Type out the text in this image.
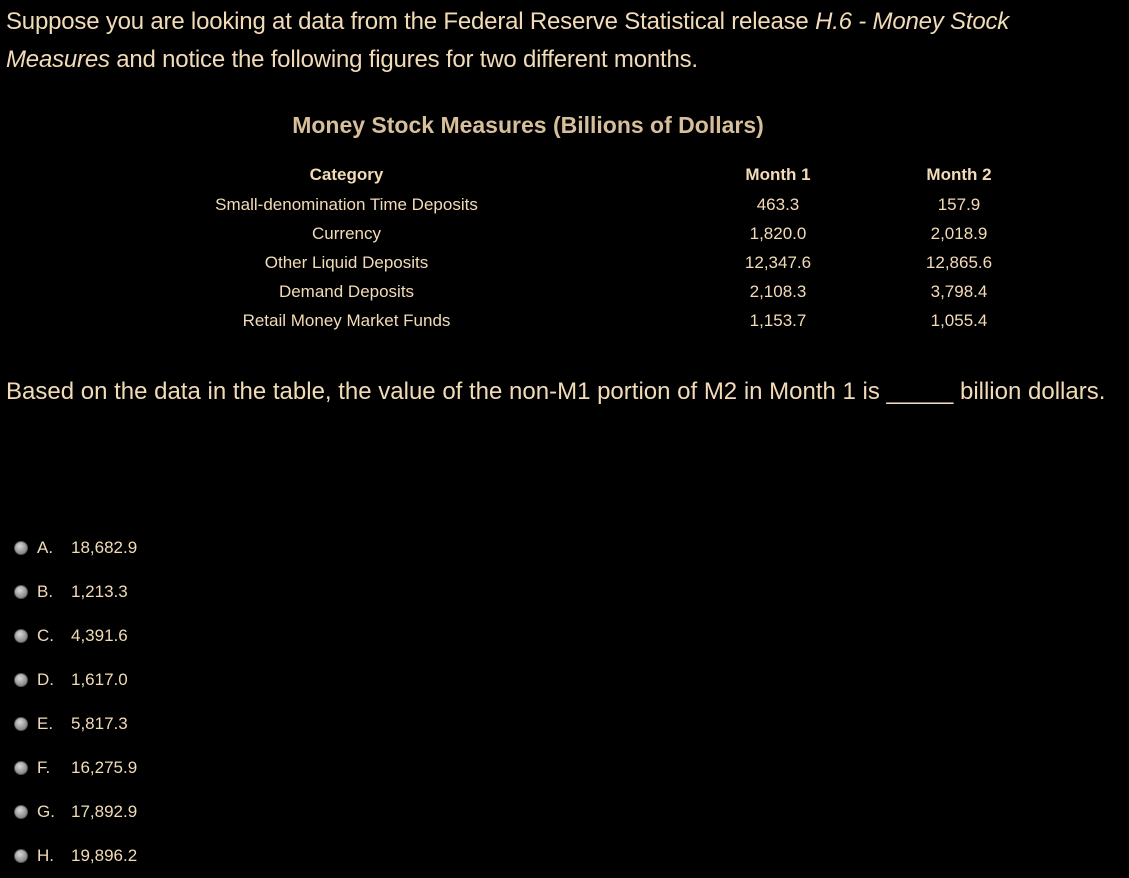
Suppose you are looking at data from the Federal Reserve Statistical release H.6 - Money Stock Measures and notice the following figures for two different months.
Money Stock Measures (Billions of Dollars)
Category	Month 1	Month 2
Small-denomination Time Deposits	463.3	157.9
Currency	1,820.0	2,018.9
Other Liquid Deposits	12,347.6	12,865.6
Demand Deposits	2,108.3	3,798.4
Retail Money Market Funds	1,153.7	1,055.4
Based on the data in the table, the value of the non-M1 portion of M2 in Month 1 is _____ billion dollars.
A.	18,682.9
B.	1,213.3
C.	4,391.6
D.	1,617.0
E.	5,817.3
F.	16,275.9
G. 17,892.9
H.	19,896.2
